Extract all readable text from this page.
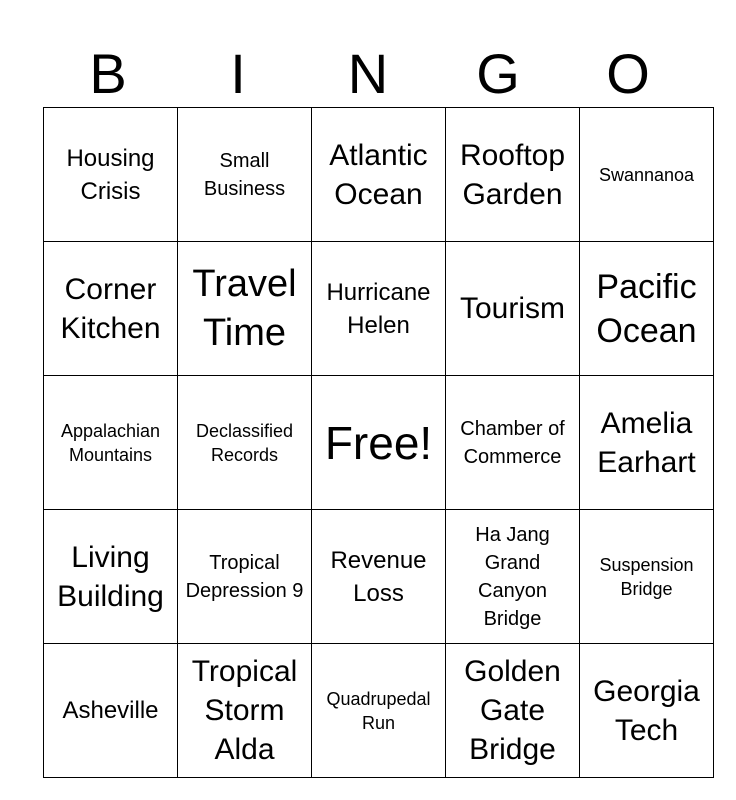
B	I	N	G	O
Housing Crisis	Small Business	Atlantic Ocean	Rooftop Garden	Swannanoa
Corner Kitchen	Travel Time	Hurricane Helen	Tourism	Pacific Ocean
Appalachian Mountains	Declassified Records	Free!	Chamber of Commerce	Amelia Earhart
Living Building	Tropical Depression 9	Revenue Loss	Ha Jang Grand Canyon Bridge	Suspension Bridge
Asheville	Tropical Storm Alda	Quadrupedal Run	Golden Gate Bridge	Georgia Tech
